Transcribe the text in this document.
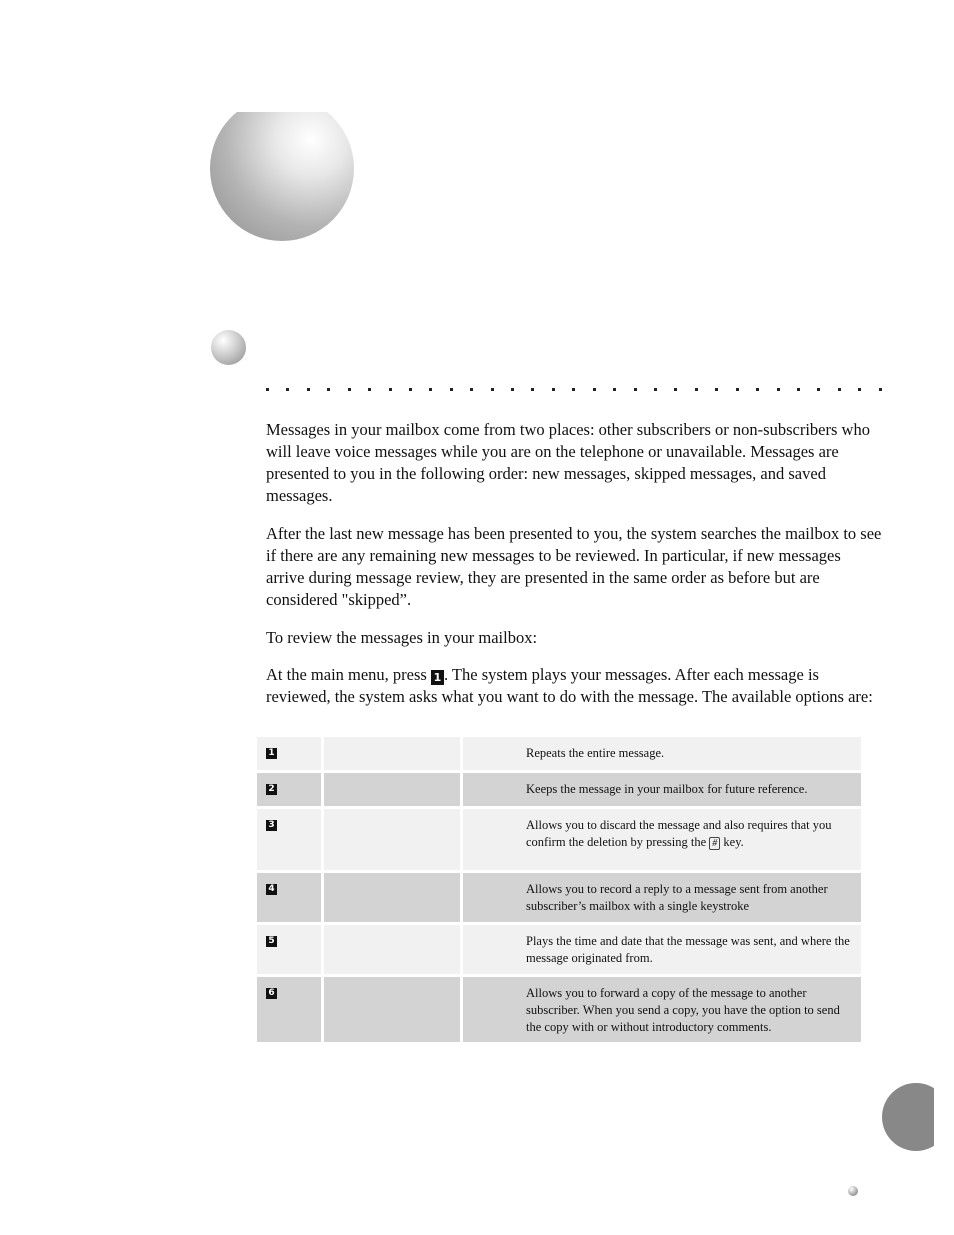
Messages in your mailbox come from two places: other subscribers or non-subscribers who will leave voice messages while you are on the telephone or unavailable. Messages are presented to you in the following order: new messages, skipped messages, and saved messages.

After the last new message has been presented to you, the system searches the mailbox to see if there are any remaining new messages to be reviewed. In particular, if new messages arrive during message review, they are presented in the same order as before but are considered "skipped”.

To review the messages in your mailbox:

At the main menu, press 1 . The system plays your messages. After each message is reviewed, the system asks what you want to do with the message. The available options are:

1		Repeats the entire message.
2		Keeps the message in your mailbox for future reference.
3		Allows you to discard the message and also requires that you confirm the deletion by pressing the # key.
4		Allows you to record a reply to a message sent from another subscriber’s mailbox with a single keystroke
5		Plays the time and date that the message was sent, and where the message originated from.
6		Allows you to forward a copy of the message to another subscriber. When you send a copy, you have the option to send the copy with or without introductory comments.
